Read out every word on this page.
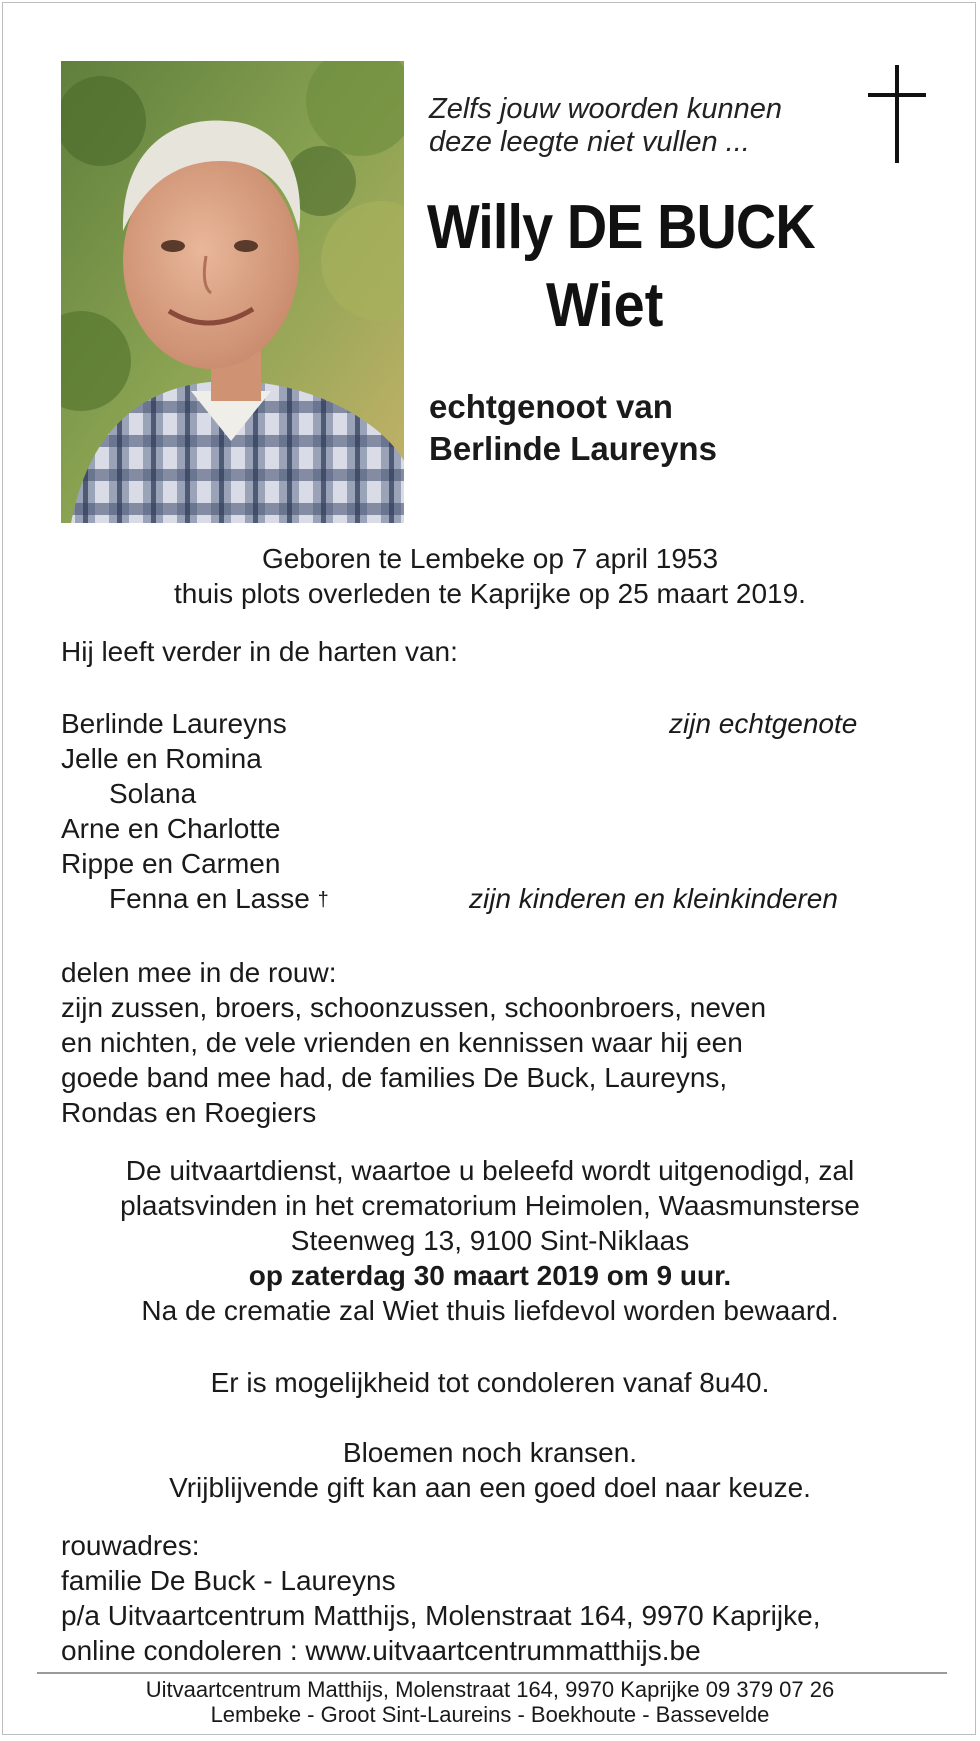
Zelfs jouw woorden kunnen
deze leegte niet vullen ...
Willy DE BUCK
Wiet
echtgenoot van
Berlinde Laureyns
Geboren te Lembeke op 7 april 1953
thuis plots overleden te Kaprijke op 25 maart 2019.
Hij leeft verder in de harten van:
Berlinde Laureyns	zijn echtgenote
Jelle en Romina
Solana
Arne en Charlotte
Rippe en Carmen
Fenna en Lasse †	zijn kinderen en kleinkinderen
delen mee in de rouw:
zijn zussen, broers, schoonzussen, schoonbroers, neven
en nichten, de vele vrienden en kennissen waar hij een
goede band mee had, de families De Buck, Laureyns,
Rondas en Roegiers
De uitvaartdienst, waartoe u beleefd wordt uitgenodigd, zal
plaatsvinden in het crematorium Heimolen, Waasmunsterse
Steenweg 13, 9100 Sint-Niklaas
op zaterdag 30 maart 2019 om 9 uur.
Na de crematie zal Wiet thuis liefdevol worden bewaard.
Er is mogelijkheid tot condoleren vanaf 8u40.
Bloemen noch kransen.
Vrijblijvende gift kan aan een goed doel naar keuze.
rouwadres:
familie De Buck - Laureyns
p/a Uitvaartcentrum Matthijs, Molenstraat 164, 9970 Kaprijke,
online condoleren : www.uitvaartcentrummatthijs.be
Uitvaartcentrum Matthijs, Molenstraat 164, 9970 Kaprijke 09 379 07 26
Lembeke - Groot Sint-Laureins - Boekhoute - Bassevelde
